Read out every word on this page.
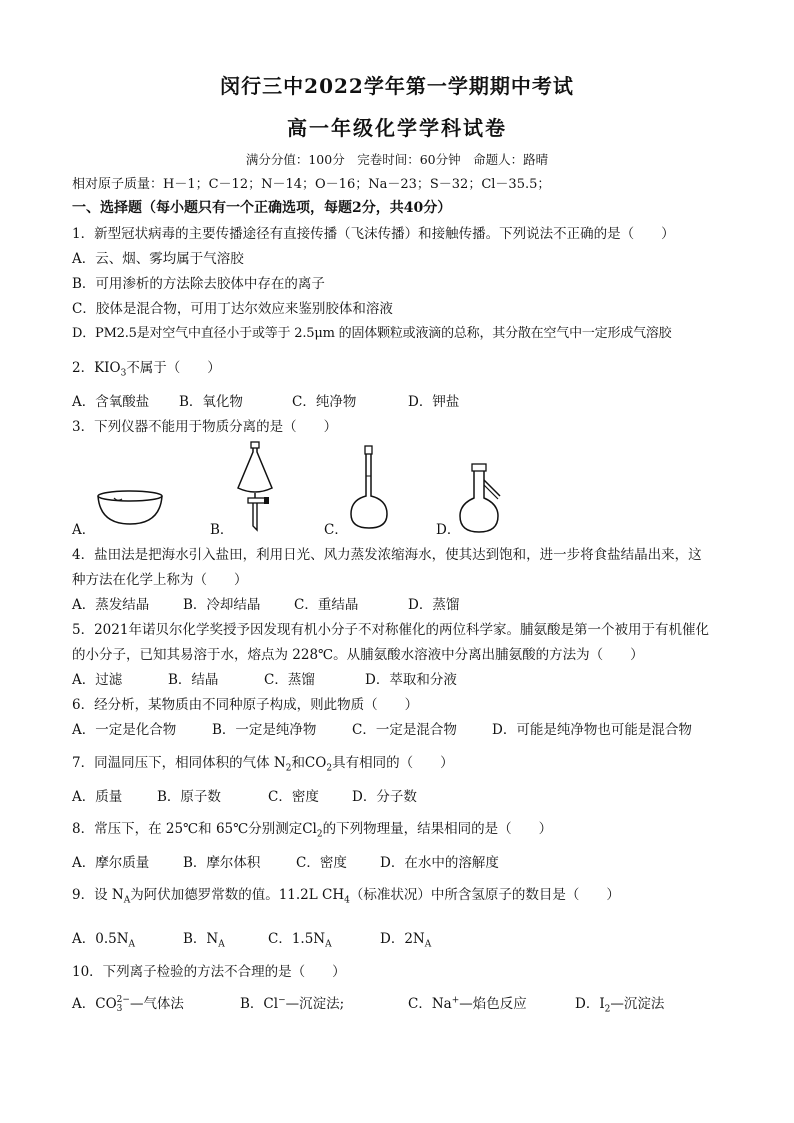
闵行三中2022学年第一学期期中考试
高一年级化学学科试卷
满分分值：100分　完卷时间：60分钟　命题人：路晴
相对原子质量：H－1；C－12；N－14；O－16；Na－23；S－32；Cl－35.5；
一、选择题（每小题只有一个正确选项，每题2分，共40分）
1．新型冠状病毒的主要传播途径有直接传播（飞沫传播）和接触传播。下列说法不正确的是（　　）
A．云、烟、雾均属于气溶胶
B．可用渗析的方法除去胶体中存在的离子
C．胶体是混合物，可用丁达尔效应来鉴别胶体和溶液
D．PM2.5是对空气中直径小于或等于 2.5μm 的固体颗粒或液滴的总称，其分散在空气中一定形成气溶胶
2．$KIO_3$不属于（　　）
A．含氧酸盐 B．氧化物	C．纯净物	D．钾盐
3．下列仪器不能用于物质分离的是（　　）
A．	B．	C．	D．
4．盐田法是把海水引入盐田，利用日光、风力蒸发浓缩海水，使其达到饱和，进一步将食盐结晶出来，这
种方法在化学上称为（　　）
A．蒸发结晶	B．冷却结晶 C．重结晶	D．蒸馏
5．2021年诺贝尔化学奖授予因发现有机小分子不对称催化的两位科学家。脯氨酸是第一个被用于有机催化
的小分子，已知其易溶于水，熔点为 228℃。从脯氨酸水溶液中分离出脯氨酸的方法为（　　）
A．过滤	B．结晶	C．蒸馏	D．萃取和分液
6．经分析，某物质由不同种原子构成，则此物质（　　）
A．一定是化合物	B．一定是纯净物	C．一定是混合物	D．可能是纯净物也可能是混合物
7．同温同压下，相同体积的气体 $N_2$和$CO_2$具有相同的（　　）
A．质量	B．原子数	C．密度 D．分子数
8．常压下，在 25℃和 65℃分别测定$Cl_2$的下列物理量，结果相同的是（　　）
A．摩尔质量	B．摩尔体积	C．密度 D．在水中的溶解度
9．设 $N_A$为阿伏加德罗常数的值。11.2L $CH_4$（标准状况）中所含氢原子的数目是（　　）
A．$0.5N_A$	B．$N_A$	C．$1.5N_A$	D．$2N_A$
10．下列离子检验的方法不合理的是（　　）
A．CO 2−
3 —气体法	B．Cl−—沉淀法;	C．Na+—焰色反应	D．$I_2—$沉淀法
